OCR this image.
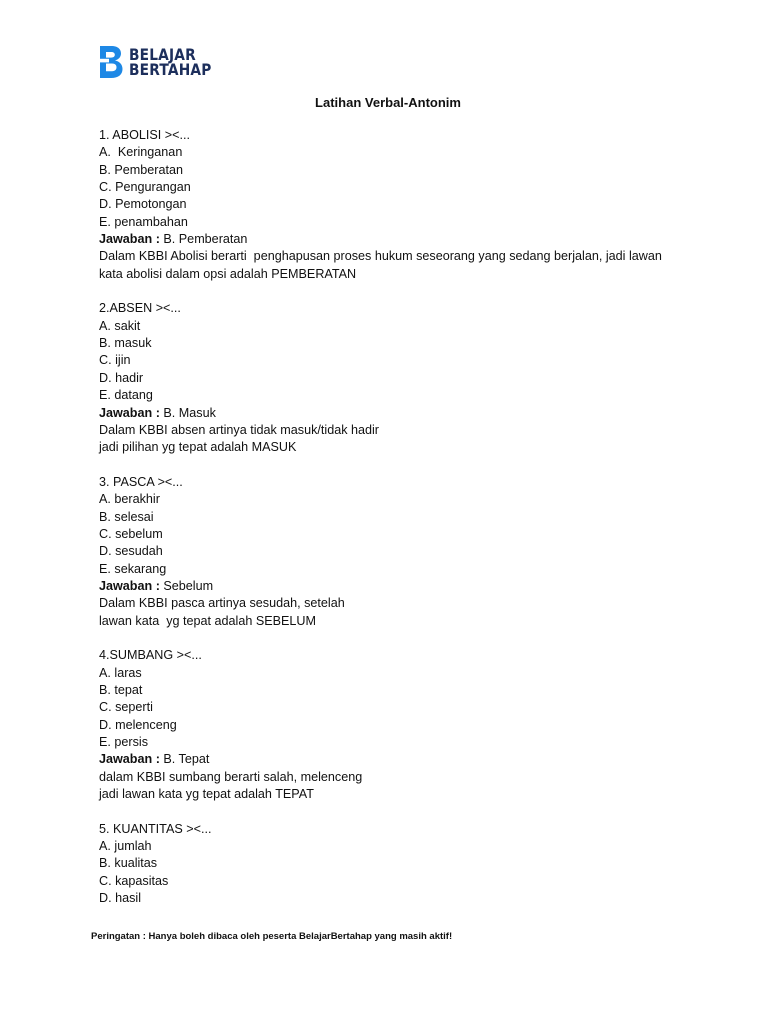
BELAJAR
BERTAHAP
Latihan Verbal-Antonim
1. ABOLISI ><...
A.  Keringanan
B. Pemberatan
C. Pengurangan
D. Pemotongan
E. penambahan
Jawaban : B. Pemberatan
Dalam KBBI Abolisi berarti  penghapusan proses hukum seseorang yang sedang berjalan, jadi lawan
kata abolisi dalam opsi adalah PEMBERATAN
2.ABSEN ><...
A. sakit
B. masuk
C. ijin
D. hadir
E. datang
Jawaban : B. Masuk
Dalam KBBI absen artinya tidak masuk/tidak hadir
jadi pilihan yg tepat adalah MASUK
3. PASCA ><...
A. berakhir
B. selesai
C. sebelum
D. sesudah
E. sekarang
Jawaban : Sebelum
Dalam KBBI pasca artinya sesudah, setelah
lawan kata  yg tepat adalah SEBELUM
4.SUMBANG ><...
A. laras
B. tepat
C. seperti
D. melenceng
E. persis
Jawaban : B. Tepat
dalam KBBI sumbang berarti salah, melenceng
jadi lawan kata yg tepat adalah TEPAT
5. KUANTITAS ><...
A. jumlah
B. kualitas
C. kapasitas
D. hasil
Peringatan : Hanya boleh dibaca oleh peserta BelajarBertahap yang masih aktif!
